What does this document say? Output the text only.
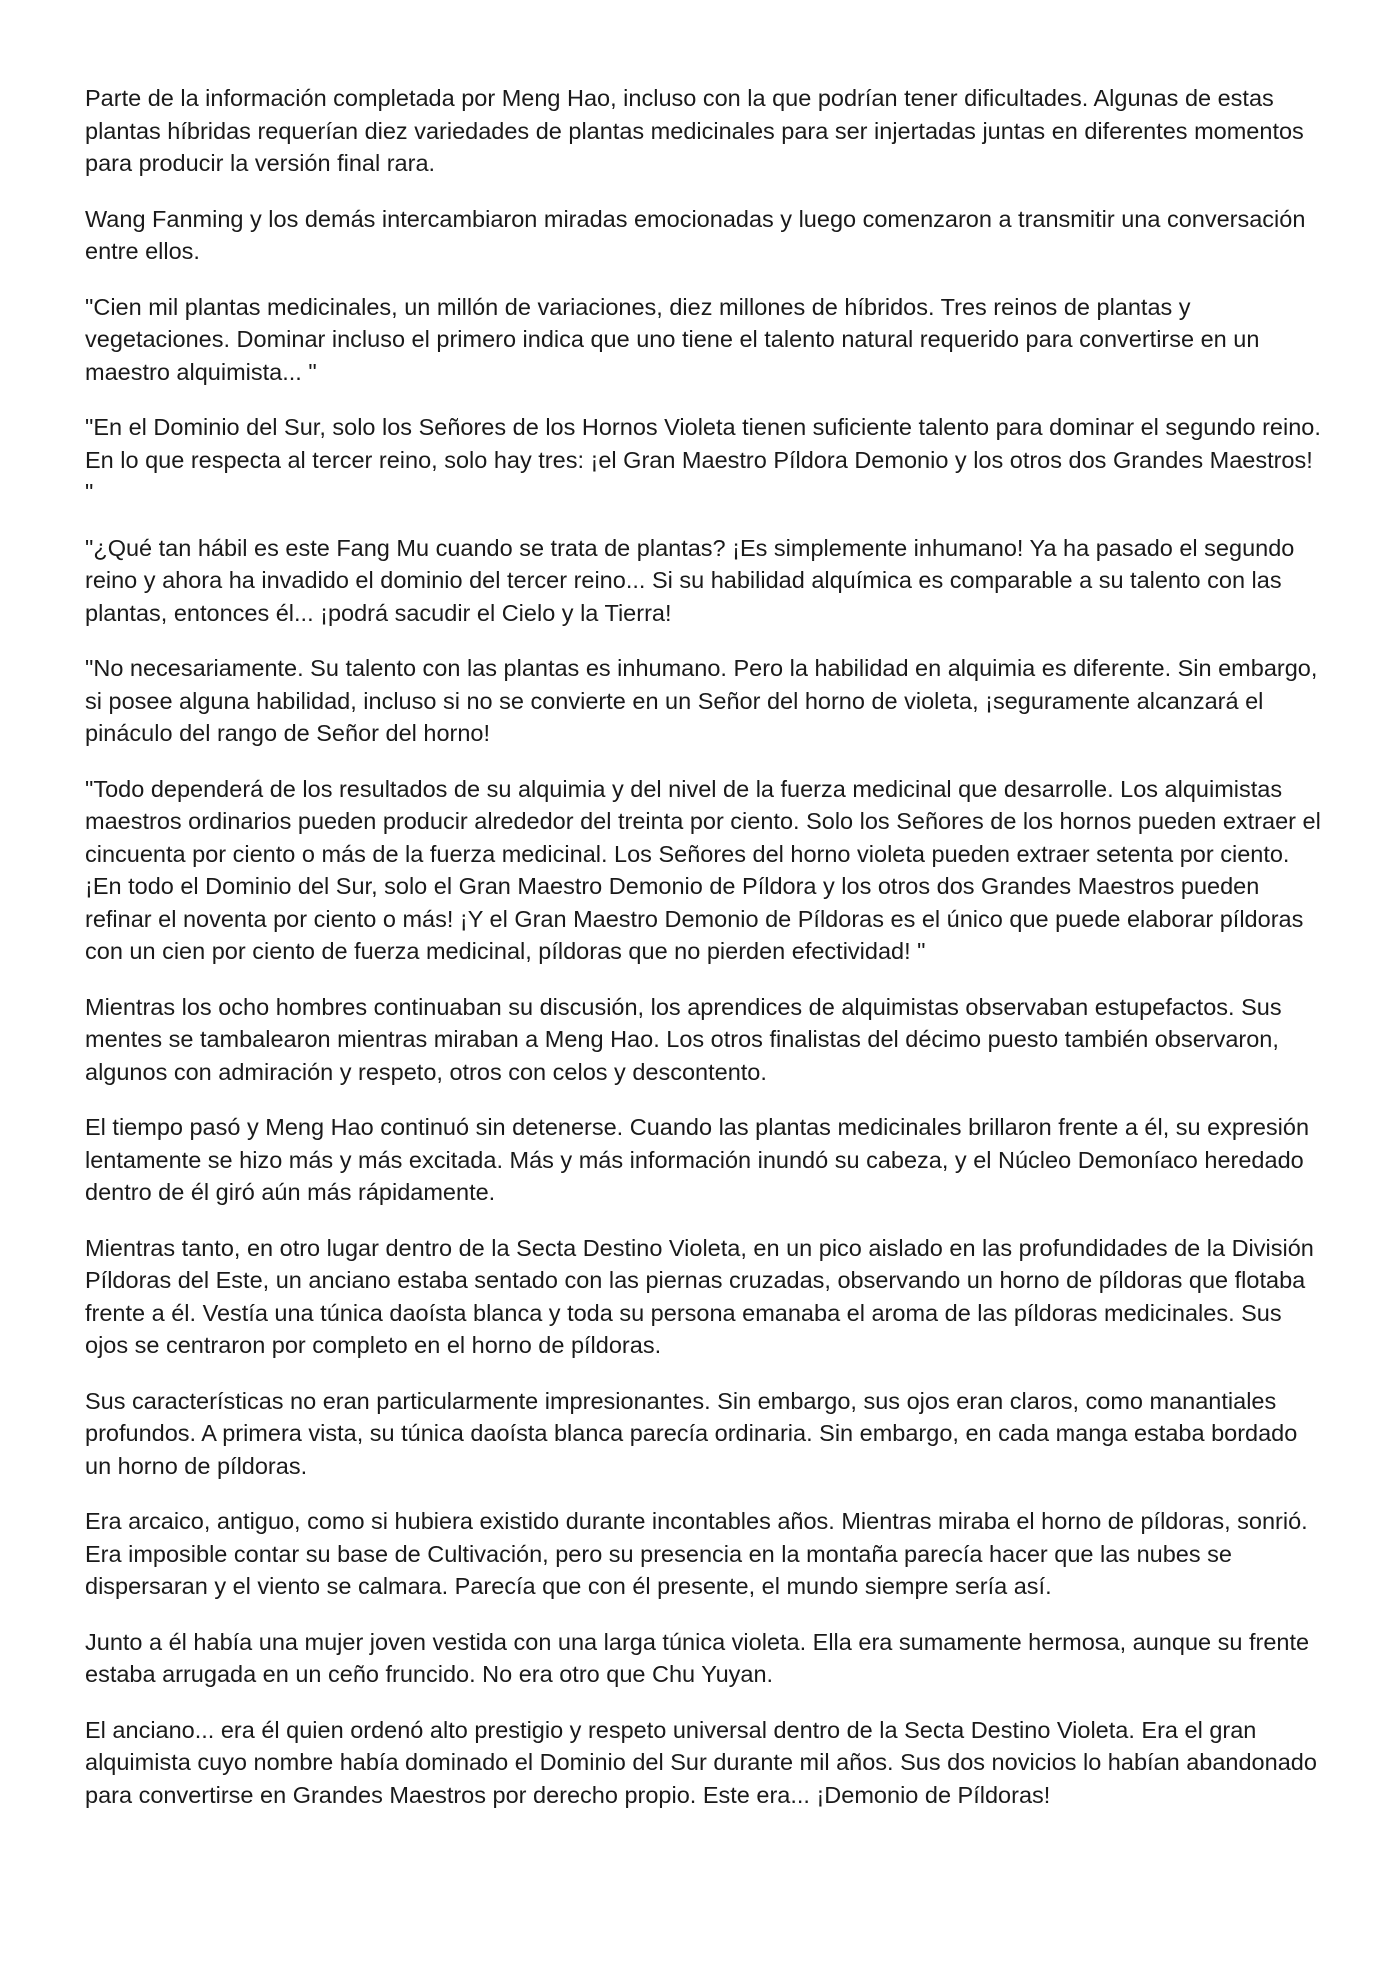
Parte de la información completada por Meng Hao, incluso con la que podrían tener dificultades. Algunas de estas plantas híbridas requerían diez variedades de plantas medicinales para ser injertadas juntas en diferentes momentos para producir la versión final rara.

Wang Fanming y los demás intercambiaron miradas emocionadas y luego comenzaron a transmitir una conversación entre ellos.

"Cien mil plantas medicinales, un millón de variaciones, diez millones de híbridos. Tres reinos de plantas y vegetaciones. Dominar incluso el primero indica que uno tiene el talento natural requerido para convertirse en un maestro alquimista... "

"En el Dominio del Sur, solo los Señores de los Hornos Violeta tienen suficiente talento para dominar el segundo reino. En lo que respecta al tercer reino, solo hay tres: ¡el Gran Maestro Píldora Demonio y los otros dos Grandes Maestros! "

"¿Qué tan hábil es este Fang Mu cuando se trata de plantas? ¡Es simplemente inhumano! Ya ha pasado el segundo reino y ahora ha invadido el dominio del tercer reino... Si su habilidad alquímica es comparable a su talento con las plantas, entonces él... ¡podrá sacudir el Cielo y la Tierra!

"No necesariamente. Su talento con las plantas es inhumano. Pero la habilidad en alquimia es diferente. Sin embargo, si posee alguna habilidad, incluso si no se convierte en un Señor del horno de violeta, ¡seguramente alcanzará el pináculo del rango de Señor del horno!

"Todo dependerá de los resultados de su alquimia y del nivel de la fuerza medicinal que desarrolle. Los alquimistas maestros ordinarios pueden producir alrededor del treinta por ciento. Solo los Señores de los hornos pueden extraer el cincuenta por ciento o más de la fuerza medicinal. Los Señores del horno violeta pueden extraer setenta por ciento. ¡En todo el Dominio del Sur, solo el Gran Maestro Demonio de Píldora y los otros dos Grandes Maestros pueden refinar el noventa por ciento o más! ¡Y el Gran Maestro Demonio de Píldoras es el único que puede elaborar píldoras con un cien por ciento de fuerza medicinal, píldoras que no pierden efectividad! "

Mientras los ocho hombres continuaban su discusión, los aprendices de alquimistas observaban estupefactos. Sus mentes se tambalearon mientras miraban a Meng Hao. Los otros finalistas del décimo puesto también observaron, algunos con admiración y respeto, otros con celos y descontento.

El tiempo pasó y Meng Hao continuó sin detenerse. Cuando las plantas medicinales brillaron frente a él, su expresión lentamente se hizo más y más excitada. Más y más información inundó su cabeza, y el Núcleo Demoníaco heredado dentro de él giró aún más rápidamente.

Mientras tanto, en otro lugar dentro de la Secta Destino Violeta, en un pico aislado en las profundidades de la División Píldoras del Este, un anciano estaba sentado con las piernas cruzadas, observando un horno de píldoras que flotaba frente a él. Vestía una túnica daoísta blanca y toda su persona emanaba el aroma de las píldoras medicinales. Sus ojos se centraron por completo en el horno de píldoras.

Sus características no eran particularmente impresionantes. Sin embargo, sus ojos eran claros, como manantiales profundos. A primera vista, su túnica daoísta blanca parecía ordinaria. Sin embargo, en cada manga estaba bordado un horno de píldoras.

Era arcaico, antiguo, como si hubiera existido durante incontables años. Mientras miraba el horno de píldoras, sonrió. Era imposible contar su base de Cultivación, pero su presencia en la montaña parecía hacer que las nubes se dispersaran y el viento se calmara. Parecía que con él presente, el mundo siempre sería así.

Junto a él había una mujer joven vestida con una larga túnica violeta. Ella era sumamente hermosa, aunque su frente estaba arrugada en un ceño fruncido. No era otro que Chu Yuyan.

El anciano... era él quien ordenó alto prestigio y respeto universal dentro de la Secta Destino Violeta. Era el gran alquimista cuyo nombre había dominado el Dominio del Sur durante mil años. Sus dos novicios lo habían abandonado para convertirse en Grandes Maestros por derecho propio. Este era... ¡Demonio de Píldoras!
